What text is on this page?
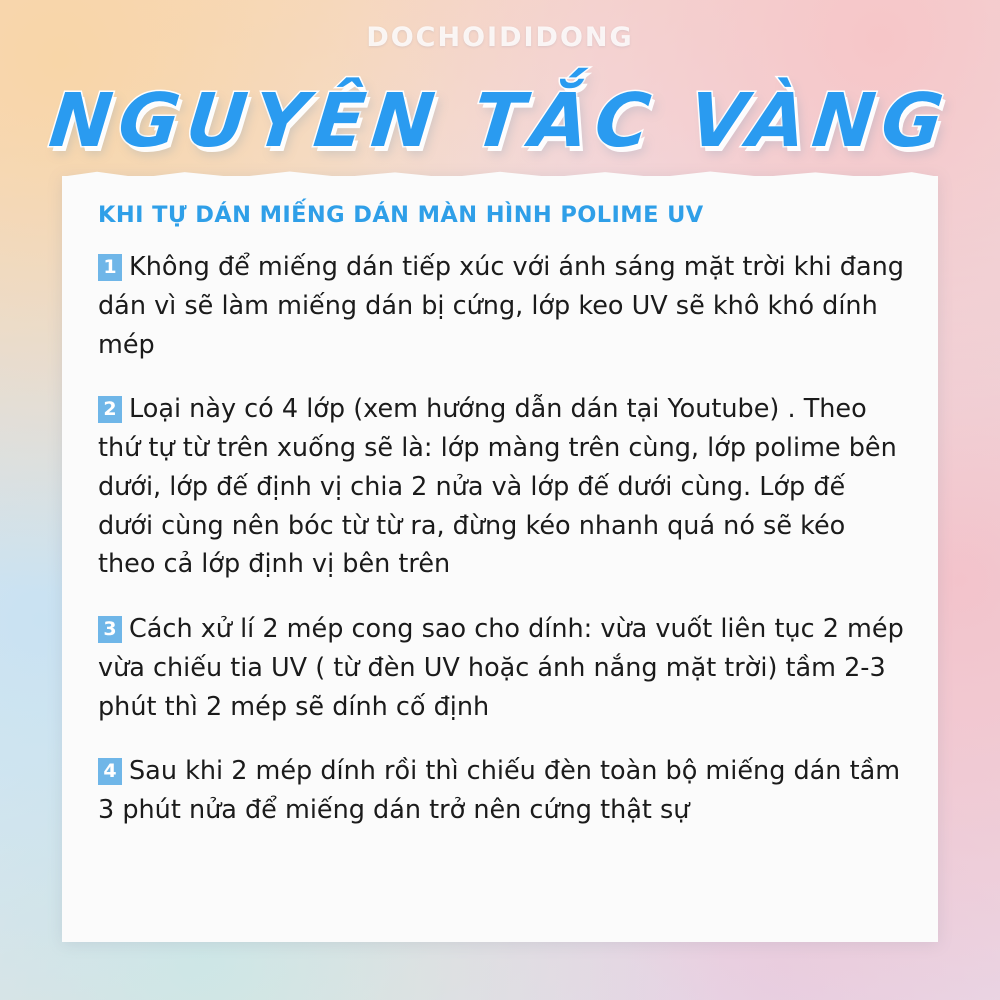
DOCHOIDIDONG
NGUYÊN TẮC VÀNG
KHI TỰ DÁN MIẾNG DÁN MÀN HÌNH POLIME UV
1 Không để miếng dán tiếp xúc với ánh sáng mặt trời khi đang dán vì sẽ làm miếng dán bị cứng, lớp keo UV sẽ khô khó dính mép
2 Loại này có 4 lớp (xem hướng dẫn dán tại Youtube) . Theo thứ tự từ trên xuống sẽ là: lớp màng trên cùng, lớp polime bên dưới, lớp đế định vị chia 2 nửa và lớp đế dưới cùng. Lớp đế dưới cùng nên bóc từ từ ra, đừng kéo nhanh quá nó sẽ kéo theo cả lớp định vị bên trên
3 Cách xử lí 2 mép cong sao cho dính: vừa vuốt liên tục 2 mép vừa chiếu tia UV ( từ đèn UV hoặc ánh nắng mặt trời) tầm 2-3 phút thì 2 mép sẽ dính cố định
4 Sau khi 2 mép dính rồi thì chiếu đèn toàn bộ miếng dán tầm 3 phút nửa để miếng dán trở nên cứng thật sự
